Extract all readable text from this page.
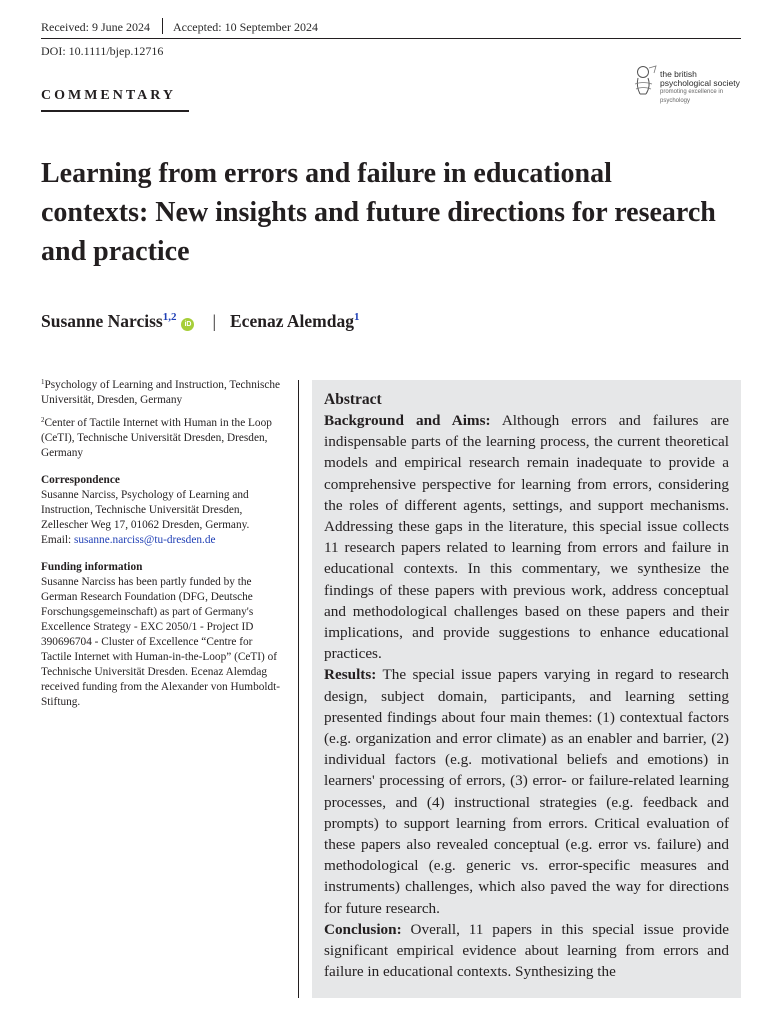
Received: 9 June 2024 Accepted: 10 September 2024
DOI: 10.1111/bjep.12716
COMMENTARY
the british
psychological society
promoting excellence in psychology
Learning from errors and failure in educational contexts: New insights and future directions for research and practice
Susanne Narciss$^{1,2}$iD | Ecenaz Alemdag$^1$

$^1$Psychology of Learning and Instruction, Technische Universität, Dresden, Germany

$^2$Center of Tactile Internet with Human in the Loop (CeTI), Technische Universität Dresden, Dresden, Germany

Correspondence

Susanne Narciss, Psychology of Learning and Instruction, Technische Universität Dresden, Zellescher Weg 17, 01062 Dresden, Germany. Email: susanne.narciss@tu-dresden.de

Funding information

Susanne Narciss has been partly funded by the German Research Foundation (DFG, Deutsche Forschungsgemeinschaft) as part of Germany's Excellence Strategy - EXC 2050/1 - Project ID 390696704 - Cluster of Excellence “Centre for Tactile Internet with Human-in-the-Loop” (CeTI) of Technische Universität Dresden. Ecenaz Alemdag received funding from the Alexander von Humboldt-Stiftung.

Abstract

Background and Aims: Although errors and failures are indispensable parts of the learning process, the current theoretical models and empirical research remain inadequate to provide a comprehensive perspective for learning from errors, considering the roles of different agents, settings, and support mechanisms. Addressing these gaps in the literature, this special issue collects 11 research papers related to learning from errors and failure in educational contexts. In this commentary, we synthesize the findings of these papers with previous work, address conceptual and methodological challenges based on these papers and their implications, and provide suggestions to enhance educational practices.

Results: The special issue papers varying in regard to research design, subject domain, participants, and learning setting presented findings about four main themes: (1) contextual factors (e.g. organization and error climate) as an enabler and barrier, (2) individual factors (e.g. motivational beliefs and emotions) in learners' processing of errors, (3) error- or failure-related learning processes, and (4) instructional strategies (e.g. feedback and prompts) to support learning from errors. Critical evaluation of these papers also revealed conceptual (e.g. error vs. failure) and methodological (e.g. generic vs. error-specific measures and instruments) challenges, which also paved the way for directions for future research.

Conclusion: Overall, 11 papers in this special issue provide significant empirical evidence about learning from errors and failure in educational contexts. Synthesizing the
